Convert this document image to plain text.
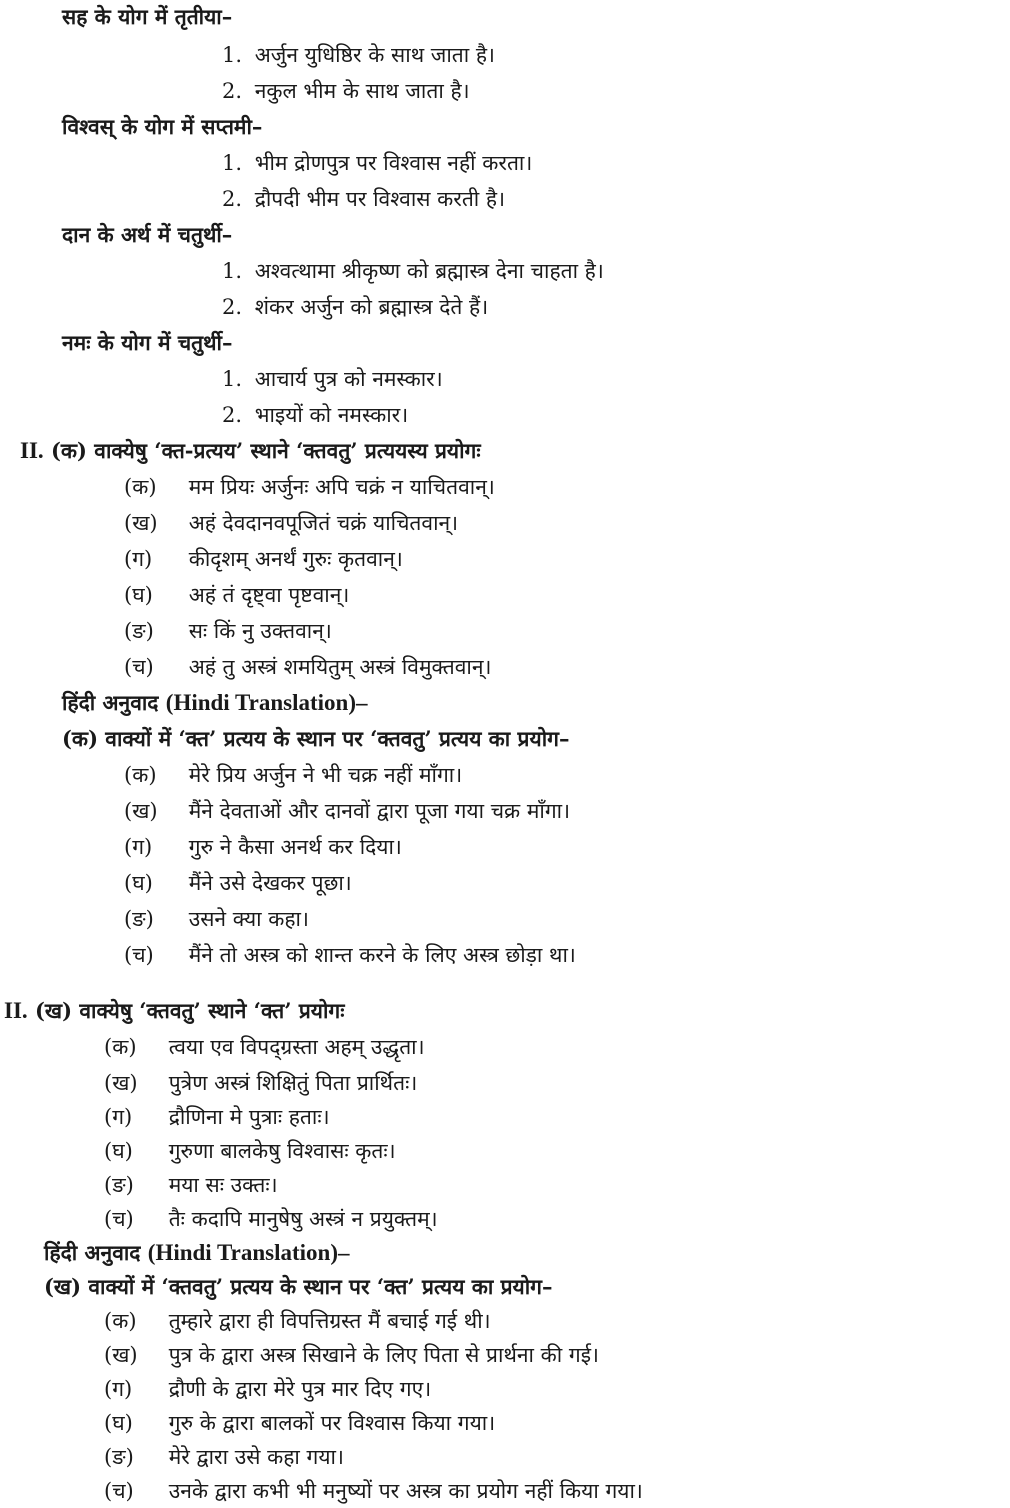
सह के योग में तृतीया–
1. अर्जुन युधिष्ठिर के साथ जाता है।
2. नकुल भीम के साथ जाता है।
विश्वस् के योग में सप्तमी–
1. भीम द्रोणपुत्र पर विश्वास नहीं करता।
2. द्रौपदी भीम पर विश्वास करती है।
दान के अर्थ में चतुर्थी–
1. अश्वत्थामा श्रीकृष्ण को ब्रह्मास्त्र देना चाहता है।
2. शंकर अर्जुन को ब्रह्मास्त्र देते हैं।
नमः के योग में चतुर्थी–
1. आचार्य पुत्र को नमस्कार।
2. भाइयों को नमस्कार।
II. (क) वाक्येषु ‘क्त-प्रत्यय’ स्थाने ‘क्तवतु’ प्रत्ययस्य प्रयोगः
(क) मम प्रियः अर्जुनः अपि चक्रं न याचितवान्।
(ख) अहं देवदानवपूजितं चक्रं याचितवान्।
(ग) कीदृशम् अनर्थं गुरुः कृतवान्।
(घ) अहं तं दृष्ट्वा पृष्टवान्।
(ङ) सः किं नु उक्तवान्।
(च) अहं तु अस्त्रं शमयितुम् अस्त्रं विमुक्तवान्।
हिंदी अनुवाद (Hindi Translation)–
(क) वाक्यों में ‘क्त’ प्रत्यय के स्थान पर ‘क्तवतु’ प्रत्यय का प्रयोग–
(क) मेरे प्रिय अर्जुन ने भी चक्र नहीं माँगा।
(ख) मैंने देवताओं और दानवों द्वारा पूजा गया चक्र माँगा।
(ग) गुरु ने कैसा अनर्थ कर दिया।
(घ) मैंने उसे देखकर पूछा।
(ङ) उसने क्या कहा।
(च) मैंने तो अस्त्र को शान्त करने के लिए अस्त्र छोड़ा था।
II. (ख) वाक्येषु ‘क्तवतु’ स्थाने ‘क्त’ प्रयोगः
(क) त्वया एव विपद्ग्रस्ता अहम् उद्धृता।
(ख) पुत्रेण अस्त्रं शिक्षितुं पिता प्रार्थितः।
(ग) द्रौणिना मे पुत्राः हताः।
(घ) गुरुणा बालकेषु विश्वासः कृतः।
(ङ) मया सः उक्तः।
(च) तैः कदापि मानुषेषु अस्त्रं न प्रयुक्तम्।
हिंदी अनुवाद (Hindi Translation)–
(ख) वाक्यों में ‘क्तवतु’ प्रत्यय के स्थान पर ‘क्त’ प्रत्यय का प्रयोग–
(क) तुम्हारे द्वारा ही विपत्तिग्रस्त मैं बचाई गई थी।
(ख) पुत्र के द्वारा अस्त्र सिखाने के लिए पिता से प्रार्थना की गई।
(ग) द्रौणी के द्वारा मेरे पुत्र मार दिए गए।
(घ) गुरु के द्वारा बालकों पर विश्वास किया गया।
(ङ) मेरे द्वारा उसे कहा गया।
(च) उनके द्वारा कभी भी मनुष्यों पर अस्त्र का प्रयोग नहीं किया गया।
